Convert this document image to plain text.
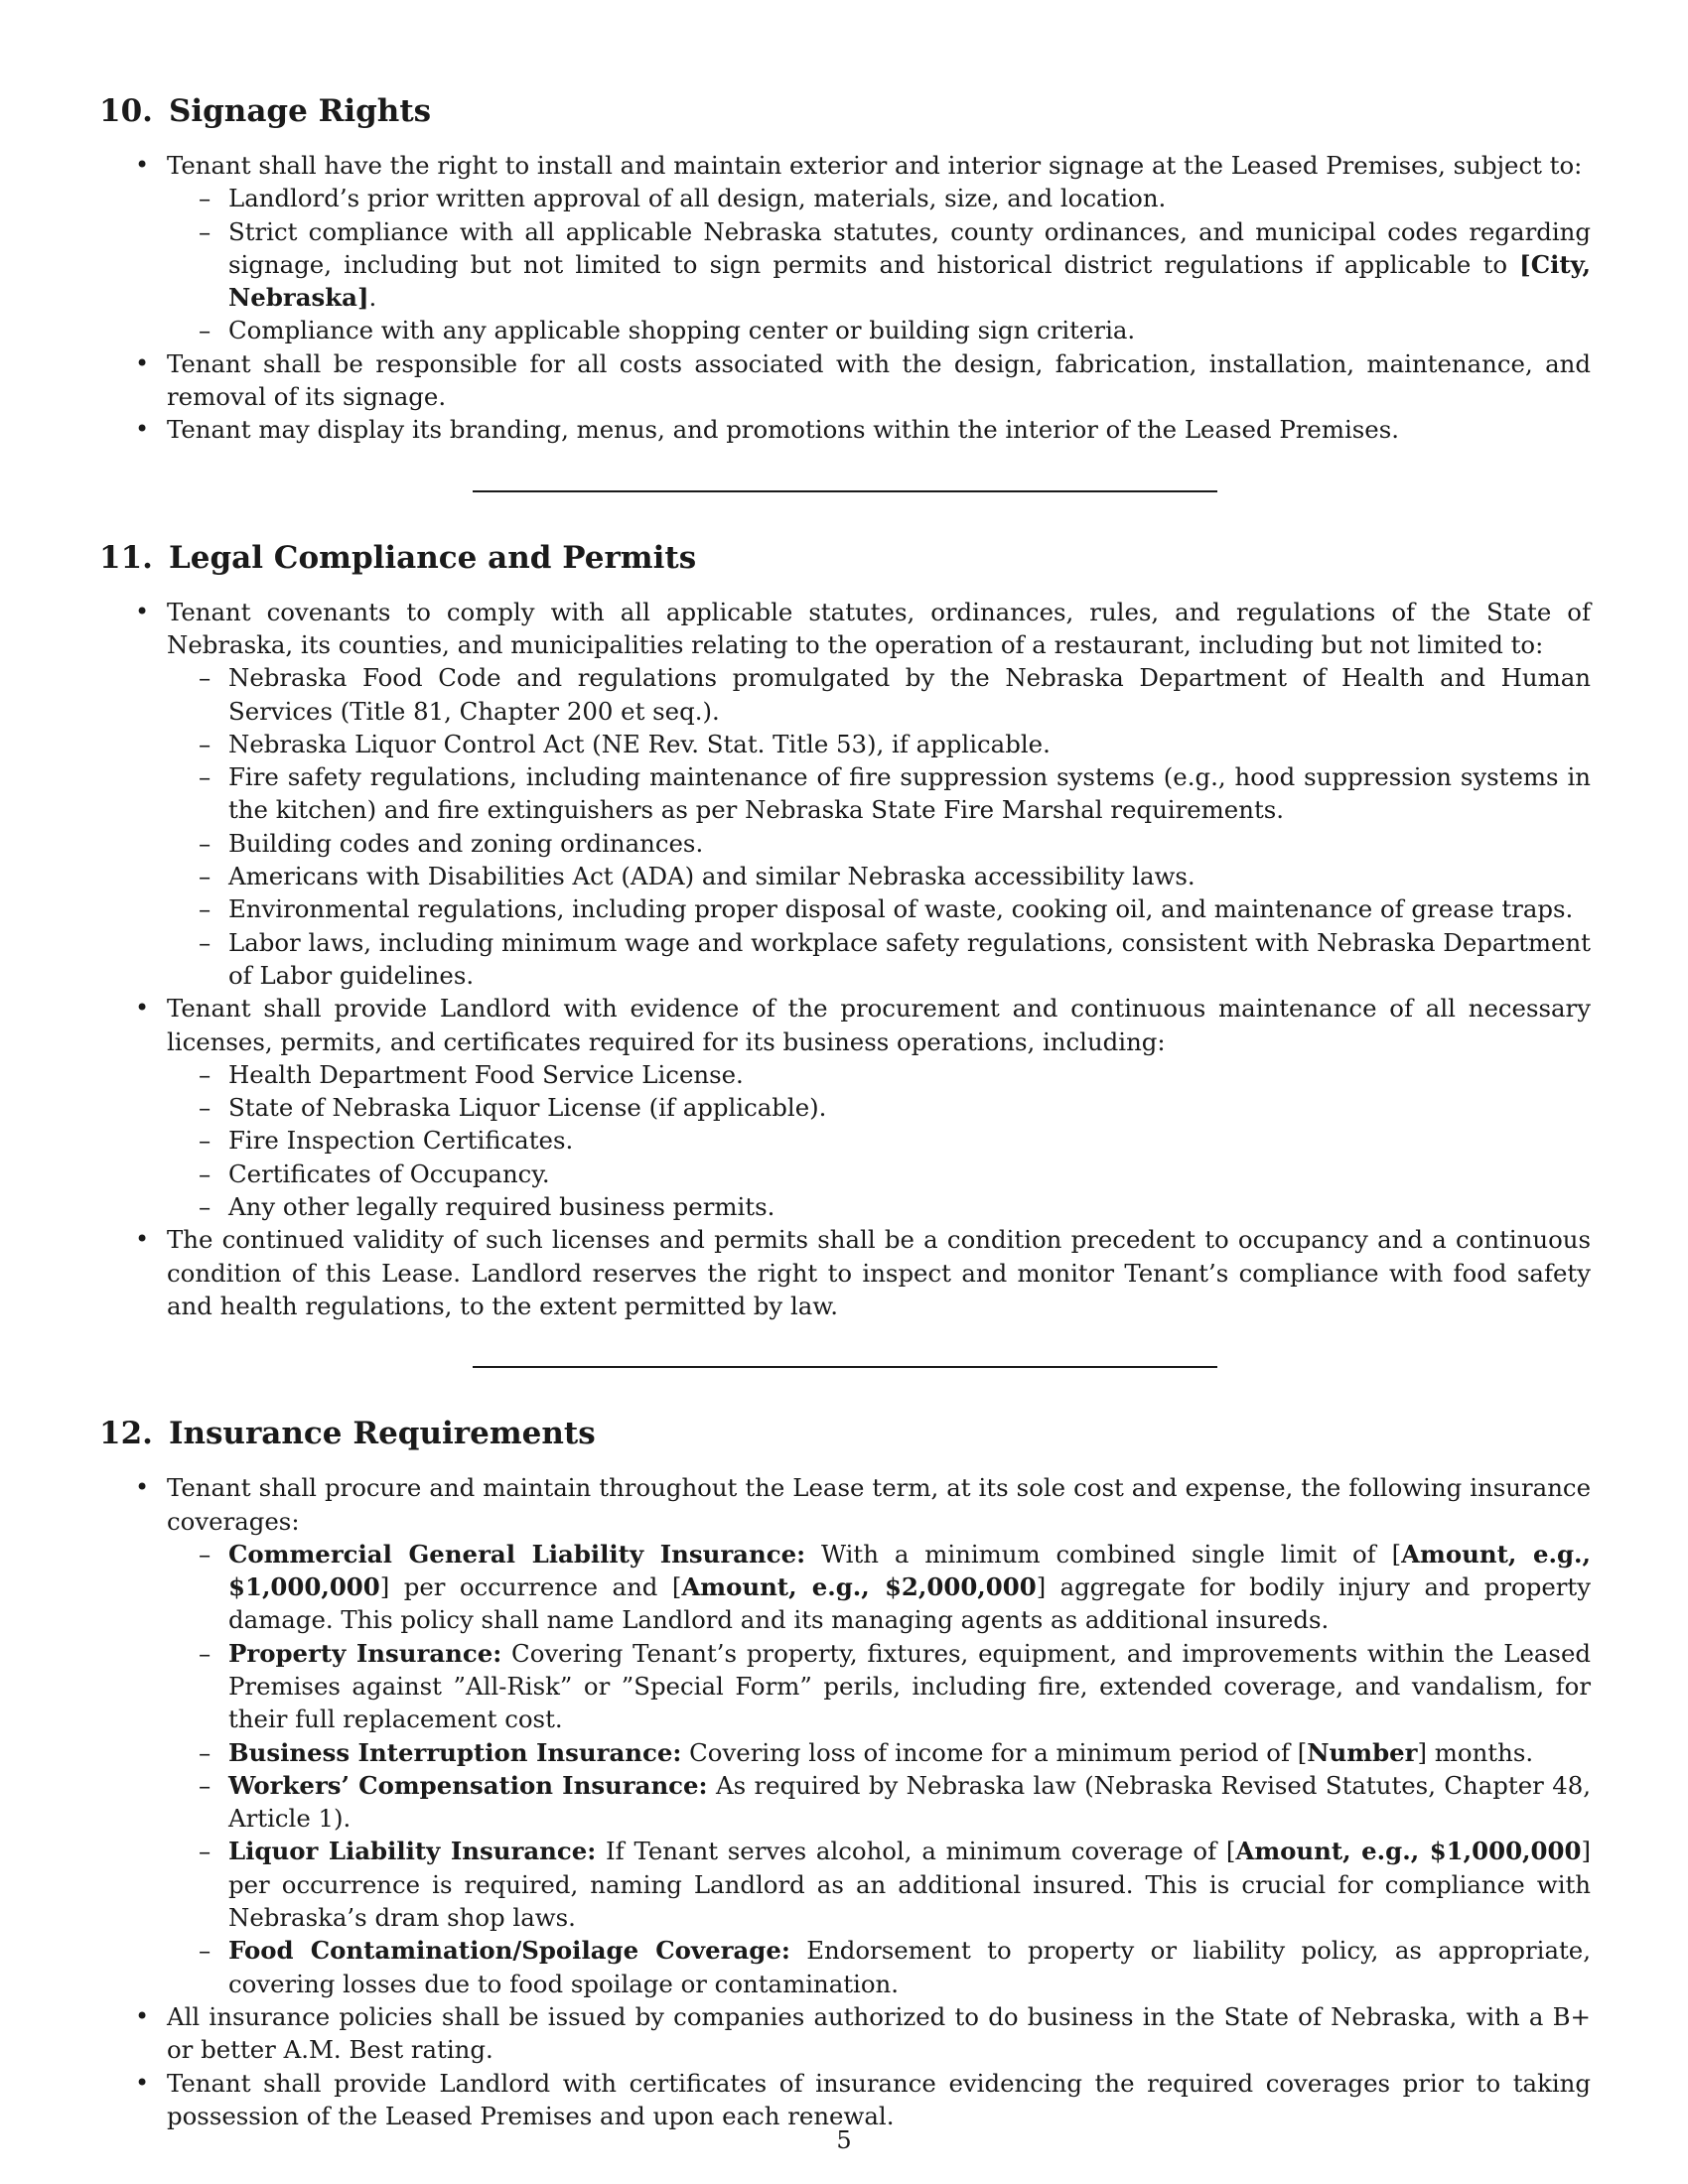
10. Signage Rights
• Tenant shall have the right to install and maintain exterior and interior signage at the Leased Premises, subject to:
– Landlord’s prior written approval of all design, materials, size, and location.
– Strict compliance with all applicable Nebraska statutes, county ordinances, and municipal codes regarding signage, including but not limited to sign permits and historical district regulations if applicable to [City, Nebraska].
– Compliance with any applicable shopping center or building sign criteria.
• Tenant shall be responsible for all costs associated with the design, fabrication, installation, maintenance, and removal of its signage.
• Tenant may display its branding, menus, and promotions within the interior of the Leased Premises.
11. Legal Compliance and Permits
• Tenant covenants to comply with all applicable statutes, ordinances, rules, and regulations of the State of Nebraska, its counties, and municipalities relating to the operation of a restaurant, including but not limited to:
– Nebraska Food Code and regulations promulgated by the Nebraska Department of Health and Human Services (Title 81, Chapter 200 et seq.).
– Nebraska Liquor Control Act (NE Rev. Stat. Title 53), if applicable.
– Fire safety regulations, including maintenance of fire suppression systems (e.g., hood suppression systems in the kitchen) and fire extinguishers as per Nebraska State Fire Marshal requirements.
– Building codes and zoning ordinances.
– Americans with Disabilities Act (ADA) and similar Nebraska accessibility laws.
– Environmental regulations, including proper disposal of waste, cooking oil, and maintenance of grease traps.
– Labor laws, including minimum wage and workplace safety regulations, consistent with Nebraska Department of Labor guidelines.
• Tenant shall provide Landlord with evidence of the procurement and continuous maintenance of all necessary licenses, permits, and certificates required for its business operations, including:
– Health Department Food Service License.
– State of Nebraska Liquor License (if applicable).
– Fire Inspection Certificates.
– Certificates of Occupancy.
– Any other legally required business permits.
• The continued validity of such licenses and permits shall be a condition precedent to occupancy and a continuous condition of this Lease. Landlord reserves the right to inspect and monitor Tenant’s compliance with food safety and health regulations, to the extent permitted by law.
12. Insurance Requirements
• Tenant shall procure and maintain throughout the Lease term, at its sole cost and expense, the following insurance coverages:
– Commercial General Liability Insurance: With a minimum combined single limit of [Amount, e.g., $1,000,000] per occurrence and [Amount, e.g., $2,000,000] aggregate for bodily injury and property damage. This policy shall name Landlord and its managing agents as additional insureds.
– Property Insurance: Covering Tenant’s property, fixtures, equipment, and improvements within the Leased Premises against ”All-Risk” or ”Special Form” perils, including fire, extended coverage, and vandalism, for their full replacement cost.
– Business Interruption Insurance: Covering loss of income for a minimum period of [Number] months.
– Workers’ Compensation Insurance: As required by Nebraska law (Nebraska Revised Statutes, Chapter 48, Article 1).
– Liquor Liability Insurance: If Tenant serves alcohol, a minimum coverage of [Amount, e.g., $1,000,000] per occurrence is required, naming Landlord as an additional insured. This is crucial for compliance with Nebraska’s dram shop laws.
– Food Contamination/Spoilage Coverage: Endorsement to property or liability policy, as appropriate, covering losses due to food spoilage or contamination.
• All insurance policies shall be issued by companies authorized to do business in the State of Nebraska, with a B+ or better A.M. Best rating.
• Tenant shall provide Landlord with certificates of insurance evidencing the required coverages prior to taking possession of the Leased Premises and upon each renewal.
5
